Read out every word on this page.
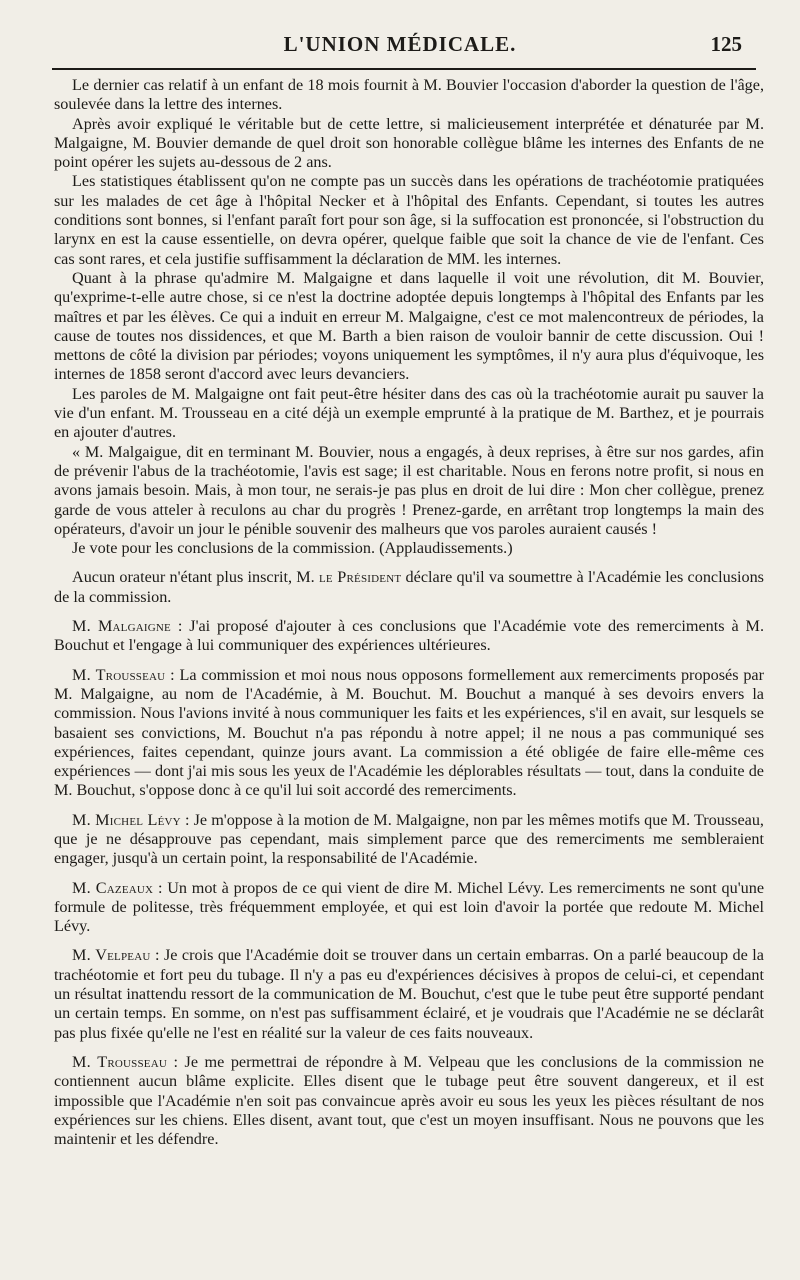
L'UNION MÉDICALE.	125

Le dernier cas relatif à un enfant de 18 mois fournit à M. Bouvier l'occasion d'aborder la question de l'âge, soulevée dans la lettre des internes.

Après avoir expliqué le véritable but de cette lettre, si malicieusement interprétée et dénaturée par M. Malgaigne, M. Bouvier demande de quel droit son honorable collègue blâme les internes des Enfants de ne point opérer les sujets au-dessous de 2 ans.

Les statistiques établissent qu'on ne compte pas un succès dans les opérations de trachéotomie pratiquées sur les malades de cet âge à l'hôpital Necker et à l'hôpital des Enfants. Cependant, si toutes les autres conditions sont bonnes, si l'enfant paraît fort pour son âge, si la suffocation est prononcée, si l'obstruction du larynx en est la cause essentielle, on devra opérer, quelque faible que soit la chance de vie de l'enfant. Ces cas sont rares, et cela justifie suffisamment la déclaration de MM. les internes.

Quant à la phrase qu'admire M. Malgaigne et dans laquelle il voit une révolution, dit M. Bouvier, qu'exprime-t-elle autre chose, si ce n'est la doctrine adoptée depuis longtemps à l'hôpital des Enfants par les maîtres et par les élèves. Ce qui a induit en erreur M. Malgaigne, c'est ce mot malencontreux de périodes, la cause de toutes nos dissidences, et que M. Barth a bien raison de vouloir bannir de cette discussion. Oui ! mettons de côté la division par périodes; voyons uniquement les symptômes, il n'y aura plus d'équivoque, les internes de 1858 seront d'accord avec leurs devanciers.

Les paroles de M. Malgaigne ont fait peut-être hésiter dans des cas où la trachéotomie aurait pu sauver la vie d'un enfant. M. Trousseau en a cité déjà un exemple emprunté à la pratique de M. Barthez, et je pourrais en ajouter d'autres.

« M. Malgaigue, dit en terminant M. Bouvier, nous a engagés, à deux reprises, à être sur nos gardes, afin de prévenir l'abus de la trachéotomie, l'avis est sage; il est charitable. Nous en ferons notre profit, si nous en avons jamais besoin. Mais, à mon tour, ne serais-je pas plus en droit de lui dire : Mon cher collègue, prenez garde de vous atteler à reculons au char du progrès ! Prenez-garde, en arrêtant trop longtemps la main des opérateurs, d'avoir un jour le pénible souvenir des malheurs que vos paroles auraient causés !

Je vote pour les conclusions de la commission. (Applaudissements.)

Aucun orateur n'étant plus inscrit, M. le Président déclare qu'il va soumettre à l'Académie les conclusions de la commission.

M. Malgaigne : J'ai proposé d'ajouter à ces conclusions que l'Académie vote des remerciments à M. Bouchut et l'engage à lui communiquer des expériences ultérieures.

M. Trousseau : La commission et moi nous nous opposons formellement aux remerciments proposés par M. Malgaigne, au nom de l'Académie, à M. Bouchut. M. Bouchut a manqué à ses devoirs envers la commission. Nous l'avions invité à nous communiquer les faits et les expériences, s'il en avait, sur lesquels se basaient ses convictions, M. Bouchut n'a pas répondu à notre appel; il ne nous a pas communiqué ses expériences, faites cependant, quinze jours avant. La commission a été obligée de faire elle-même ces expériences — dont j'ai mis sous les yeux de l'Académie les déplorables résultats — tout, dans la conduite de M. Bouchut, s'oppose donc à ce qu'il lui soit accordé des remerciments.

M. Michel Lévy : Je m'oppose à la motion de M. Malgaigne, non par les mêmes motifs que M. Trousseau, que je ne désapprouve pas cependant, mais simplement parce que des remerciments me sembleraient engager, jusqu'à un certain point, la responsabilité de l'Académie.

M. Cazeaux : Un mot à propos de ce qui vient de dire M. Michel Lévy. Les remerciments ne sont qu'une formule de politesse, très fréquemment employée, et qui est loin d'avoir la portée que redoute M. Michel Lévy.

M. Velpeau : Je crois que l'Académie doit se trouver dans un certain embarras. On a parlé beaucoup de la trachéotomie et fort peu du tubage. Il n'y a pas eu d'expériences décisives à propos de celui-ci, et cependant un résultat inattendu ressort de la communication de M. Bouchut, c'est que le tube peut être supporté pendant un certain temps. En somme, on n'est pas suffisamment éclairé, et je voudrais que l'Académie ne se déclarât pas plus fixée qu'elle ne l'est en réalité sur la valeur de ces faits nouveaux.

M. Trousseau : Je me permettrai de répondre à M. Velpeau que les conclusions de la commission ne contiennent aucun blâme explicite. Elles disent que le tubage peut être souvent dangereux, et il est impossible que l'Académie n'en soit pas convaincue après avoir eu sous les yeux les pièces résultant de nos expériences sur les chiens. Elles disent, avant tout, que c'est un moyen insuffisant. Nous ne pouvons que les maintenir et les défendre.
